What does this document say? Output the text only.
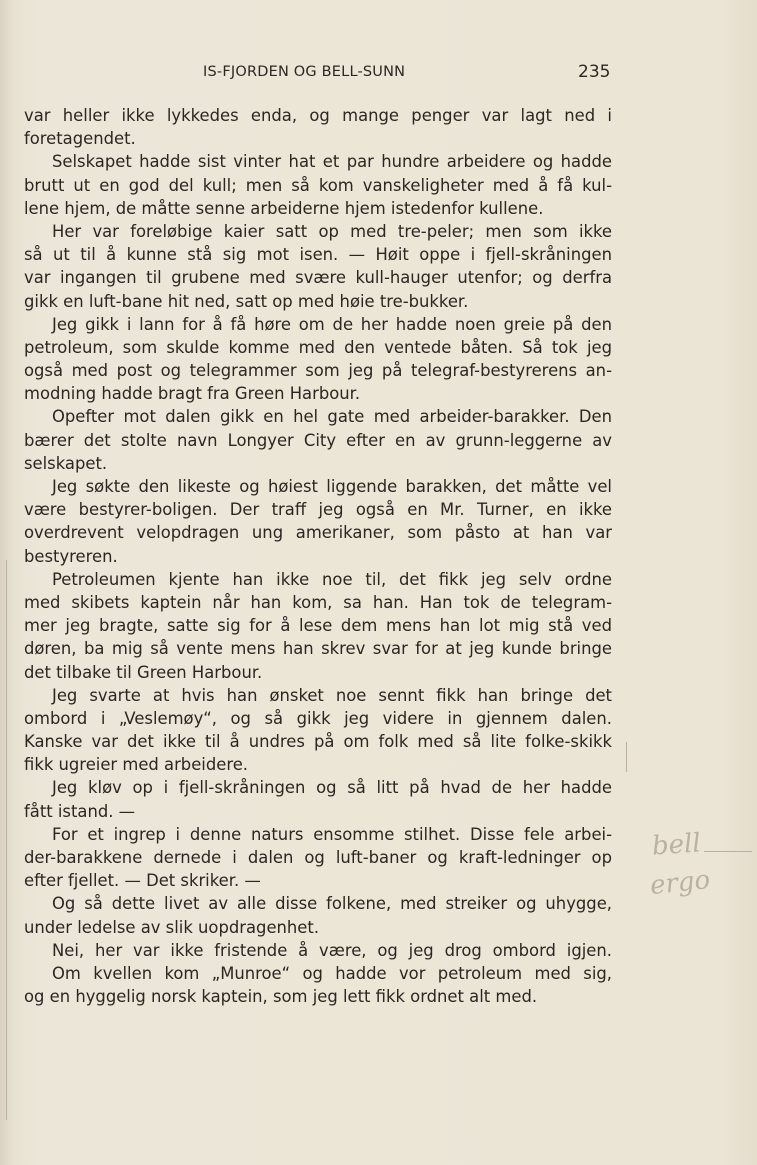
IS-FJORDEN OG BELL-SUNN	235
var heller ikke lykkedes enda, og mange penger var lagt ned i
foretagendet.
Selskapet hadde sist vinter hat et par hundre arbeidere og hadde
brutt ut en god del kull; men så kom vanskeligheter med å få kul-
lene hjem, de måtte senne arbeiderne hjem istedenfor kullene.
Her var foreløbige kaier satt op med tre-peler; men som ikke
så ut til å kunne stå sig mot isen. — Høit oppe i fjell-skråningen
var ingangen til grubene med svære kull-hauger utenfor; og derfra
gikk en luft-bane hit ned, satt op med høie tre-bukker.
Jeg gikk i lann for å få høre om de her hadde noen greie på den
petroleum, som skulde komme med den ventede båten. Så tok jeg
også med post og telegrammer som jeg på telegraf-bestyrerens an-
modning hadde bragt fra Green Harbour.
Opefter mot dalen gikk en hel gate med arbeider-barakker. Den
bærer det stolte navn Longyer City efter en av grunn-leggerne av
selskapet.
Jeg søkte den likeste og høiest liggende barakken, det måtte vel
være bestyrer-boligen. Der traff jeg også en Mr. Turner, en ikke
overdrevent velopdragen ung amerikaner, som påsto at han var
bestyreren.
Petroleumen kjente han ikke noe til, det fikk jeg selv ordne
med skibets kaptein når han kom, sa han. Han tok de telegram-
mer jeg bragte, satte sig for å lese dem mens han lot mig stå ved
døren, ba mig så vente mens han skrev svar for at jeg kunde bringe
det tilbake til Green Harbour.
Jeg svarte at hvis han ønsket noe sennt fikk han bringe det
ombord i „Veslemøy“, og så gikk jeg videre in gjennem dalen.
Kanske var det ikke til å undres på om folk med så lite folke-skikk
fikk ugreier med arbeidere.
Jeg kløv op i fjell-skråningen og så litt på hvad de her hadde
fått istand. —
For et ingrep i denne naturs ensomme stilhet. Disse fele arbei-
der-barakkene dernede i dalen og luft-baner og kraft-ledninger op
efter fjellet. — Det skriker. —
Og så dette livet av alle disse folkene, med streiker og uhygge,
under ledelse av slik uopdragenhet.
Nei, her var ikke fristende å være, og jeg drog ombord igjen.
Om kvellen kom „Munroe“ og hadde vor petroleum med sig,
og en hyggelig norsk kaptein, som jeg lett fikk ordnet alt med.
bell
ergo
